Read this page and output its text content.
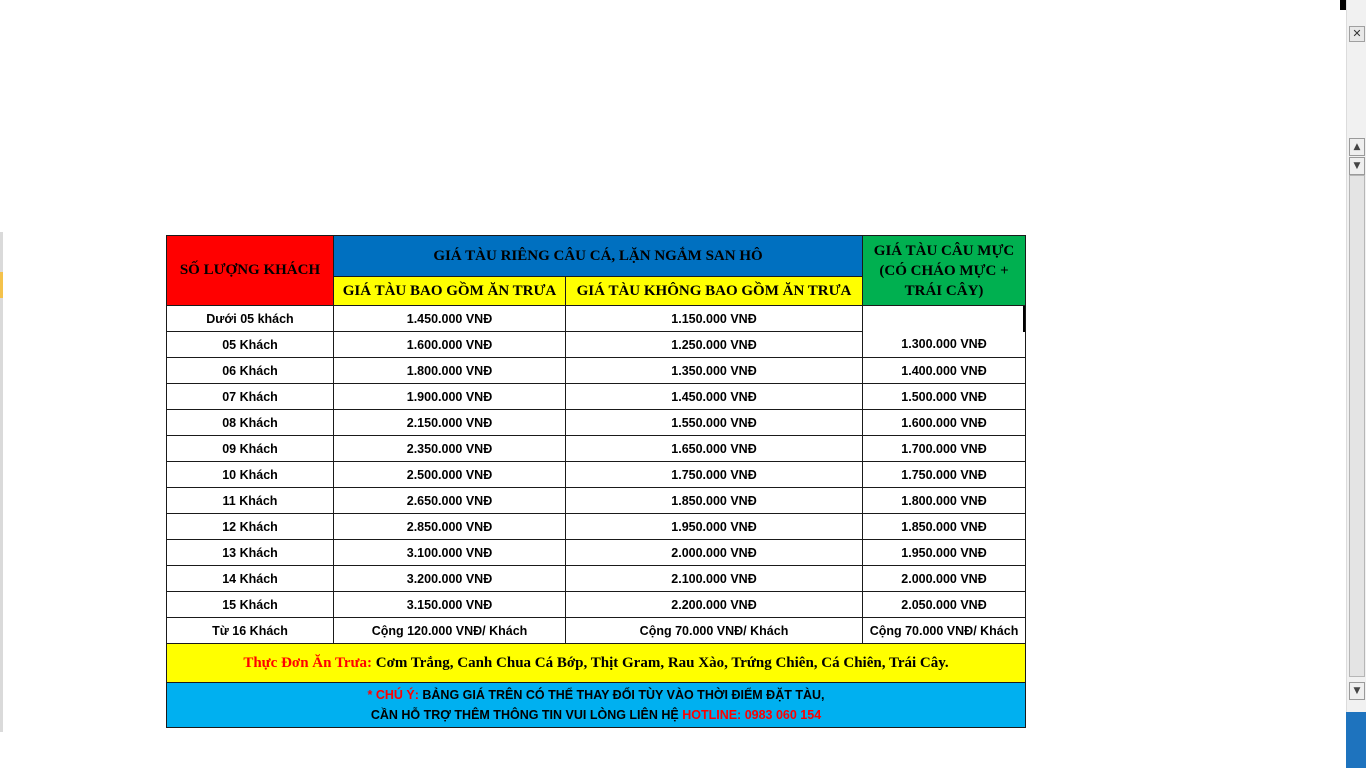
✕
▲
▼
▼
SỐ LƯỢNG KHÁCH	GIÁ TÀU RIÊNG CÂU CÁ, LẶN NGẮM SAN HÔ		GIÁ TÀU CÂU MỰC
(CÓ CHÁO MỰC +
TRÁI CÂY)
	GIÁ TÀU BAO GỒM ĂN TRƯA	GIÁ TÀU KHÔNG BAO GỒM ĂN TRƯA	
Dưới 05 khách	1.450.000 VNĐ	1.150.000 VNĐ	
05 Khách	1.600.000 VNĐ	1.250.000 VNĐ	1.300.000 VNĐ
06 Khách	1.800.000 VNĐ	1.350.000 VNĐ	1.400.000 VNĐ
07 Khách	1.900.000 VNĐ	1.450.000 VNĐ	1.500.000 VNĐ
08 Khách	2.150.000 VNĐ	1.550.000 VNĐ	1.600.000 VNĐ
09 Khách	2.350.000 VNĐ	1.650.000 VNĐ	1.700.000 VNĐ
10 Khách	2.500.000 VNĐ	1.750.000 VNĐ	1.750.000 VNĐ
11 Khách	2.650.000 VNĐ	1.850.000 VNĐ	1.800.000 VNĐ
12 Khách	2.850.000 VNĐ	1.950.000 VNĐ	1.850.000 VNĐ
13 Khách	3.100.000 VNĐ	2.000.000 VNĐ	1.950.000 VNĐ
14 Khách	3.200.000 VNĐ	2.100.000 VNĐ	2.000.000 VNĐ
15 Khách	3.150.000 VNĐ	2.200.000 VNĐ	2.050.000 VNĐ
Từ 16 Khách	Cộng 120.000 VNĐ/ Khách	Cộng 70.000 VNĐ/ Khách	Cộng 70.000 VNĐ/ Khách
Thực Đơn Ăn Trưa: Cơm Trắng, Canh Chua Cá Bớp, Thịt Gram, Rau Xào, Trứng Chiên, Cá Chiên, Trái Cây.			
* CHÚ Ý: BẢNG GIÁ TRÊN CÓ THỂ THAY ĐỔI TÙY VÀO THỜI ĐIỂM ĐẶT TÀU,
CẦN HỖ TRỢ THÊM THÔNG TIN VUI LÒNG LIÊN HỆ HOTLINE: 0983 060 154			
